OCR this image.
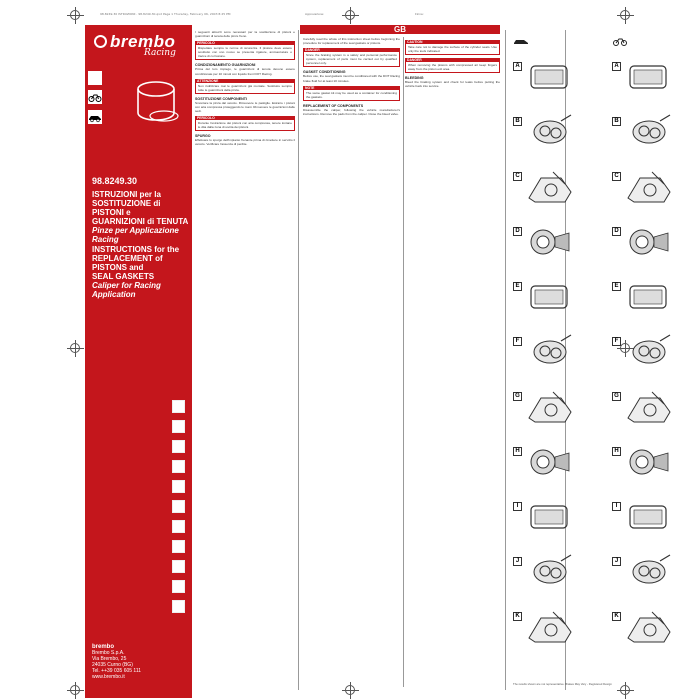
98.8249.30 ISTRUZIONI . 98.8249.30.qxd Page 1 Thursday, February 06, 2003 8:25 PM	Approvazione:	Firma:
brembo
Racing
98.8249.30
ISTRUZIONI per la
SOSTITUZIONE di
PISTONI e
GUARNIZIONI di TENUTA
Pinze per Applicazione
Racing
INSTRUCTIONS for the
REPLACEMENT of
PISTONS and
SEAL GASKETS
Caliper for Racing
Application
brembo
Brembo S.p.A.
Via Brembo, 25
24035 Curno (BG)
Tel. ++39 035 605 111
www.brembo.it
I seguenti attrezzi sono necessari per la sostituzione di pistoni e guarnizioni di tenuta delle pinze freno.
PERICOLO
Rispettare sempre le norme di sicurezza. Il pistone deve essere sostituito con uno nuovo se presenta rigature, ammaccature o tracce di corrosione.
CONDIZIONAMENTO GUARNIZIONI
Prima del loro impiego, le guarnizioni di tenuta devono essere condizionate per 10 minuti con liquido freni DOT Racing.
ATTENZIONE
Non riutilizzare mai le guarnizioni già montate. Sostituire sempre tutte le guarnizioni della pinza.
SOSTITUZIONE COMPONENTI
Smontare la pinza dal veicolo. Rimuovere le pastiglie. Estrarre i pistoni con aria compressa proteggendo le mani. Rimuovere le guarnizioni dalle sedi.
PERICOLO
Durante l'estrazione dei pistoni con aria compressa, tenere lontane le dita dalla zona di uscita dei pistoni.
SPURGO
Effettuare lo spurgo dell'impianto frenante prima di rimettere in servizio il veicolo. Verificare l'assenza di perdite.
GB
Carefully read the whole of this instruction sheet before beginning the procedure for replacement of the seal gaskets or pistons.
DANGER
Since the braking system is a safety and personal performance system, replacement of parts must be carried out by qualified personnel only.
GASKET CONDITIONING
Before use, the seal gaskets must be conditioned with the DOT Racing brake fluid for at least 10 minutes.
NOTE
The same gasket kit may be used as a container for conditioning the gaskets.
REPLACEMENT OF COMPONENTS
Disassemble the caliper, following the vehicle manufacturer's instructions. Remove the pads from the caliper. Close the bleed valve.
CAUTION
Take care not to damage the surface of the cylinder seats. Use only the tools indicated.
DANGER
When removing the pistons with compressed air keep fingers away from the piston exit area.
BLEEDING
Bleed the braking system and check for leaks before putting the vehicle back into service.
A
B
C
D
E
F
G
H
I
J
K
A
B
C
D
E
F
G
H
I
J
K
The results shown are not representative. Brakes May Vary - Registered Design
